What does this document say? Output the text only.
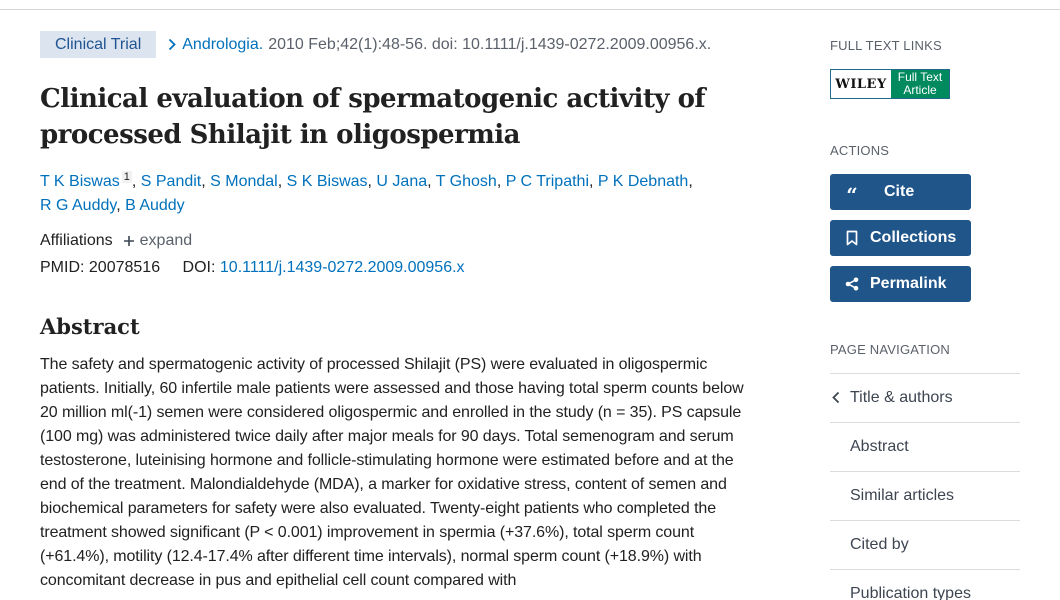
Clinical Trial	Andrologia. 2010 Feb;42(1):48-56. doi: 10.1111/j.1439-0272.2009.00956.x.
Clinical evaluation of spermatogenic activity of processed Shilajit in oligospermia
T K Biswas $^1$ , S Pandit, S Mondal, S K Biswas, U Jana, T Ghosh, P C Tripathi, P K Debnath,
R G Auddy, B Auddy
Affiliations expand
PMID: 20078516 DOI: 10.1111/j.1439-0272.2009.00956.x
Abstract

The safety and spermatogenic activity of processed Shilajit (PS) were evaluated in oligospermic patients. Initially, 60 infertile male patients were assessed and those having total sperm counts below 20 million ml(-1) semen were considered oligospermic and enrolled in the study (n = 35). PS capsule (100 mg) was administered twice daily after major meals for 90 days. Total semenogram and serum testosterone, luteinising hormone and follicle-stimulating hormone were estimated before and at the end of the treatment. Malondialdehyde (MDA), a marker for oxidative stress, content of semen and biochemical parameters for safety were also evaluated. Twenty-eight patients who completed the treatment showed significant (P < 0.001) improvement in spermia (+37.6%), total sperm count (+61.4%), motility (12.4-17.4% after different time intervals), normal sperm count (+18.9%) with concomitant decrease in pus and epithelial cell count compared with

FULL TEXT LINKS
WILEY Full Text
Article
ACTIONS
“ Cite
Collections
Permalink
PAGE NAVIGATION
Title & authors
Abstract
Similar articles
Cited by
Publication types
